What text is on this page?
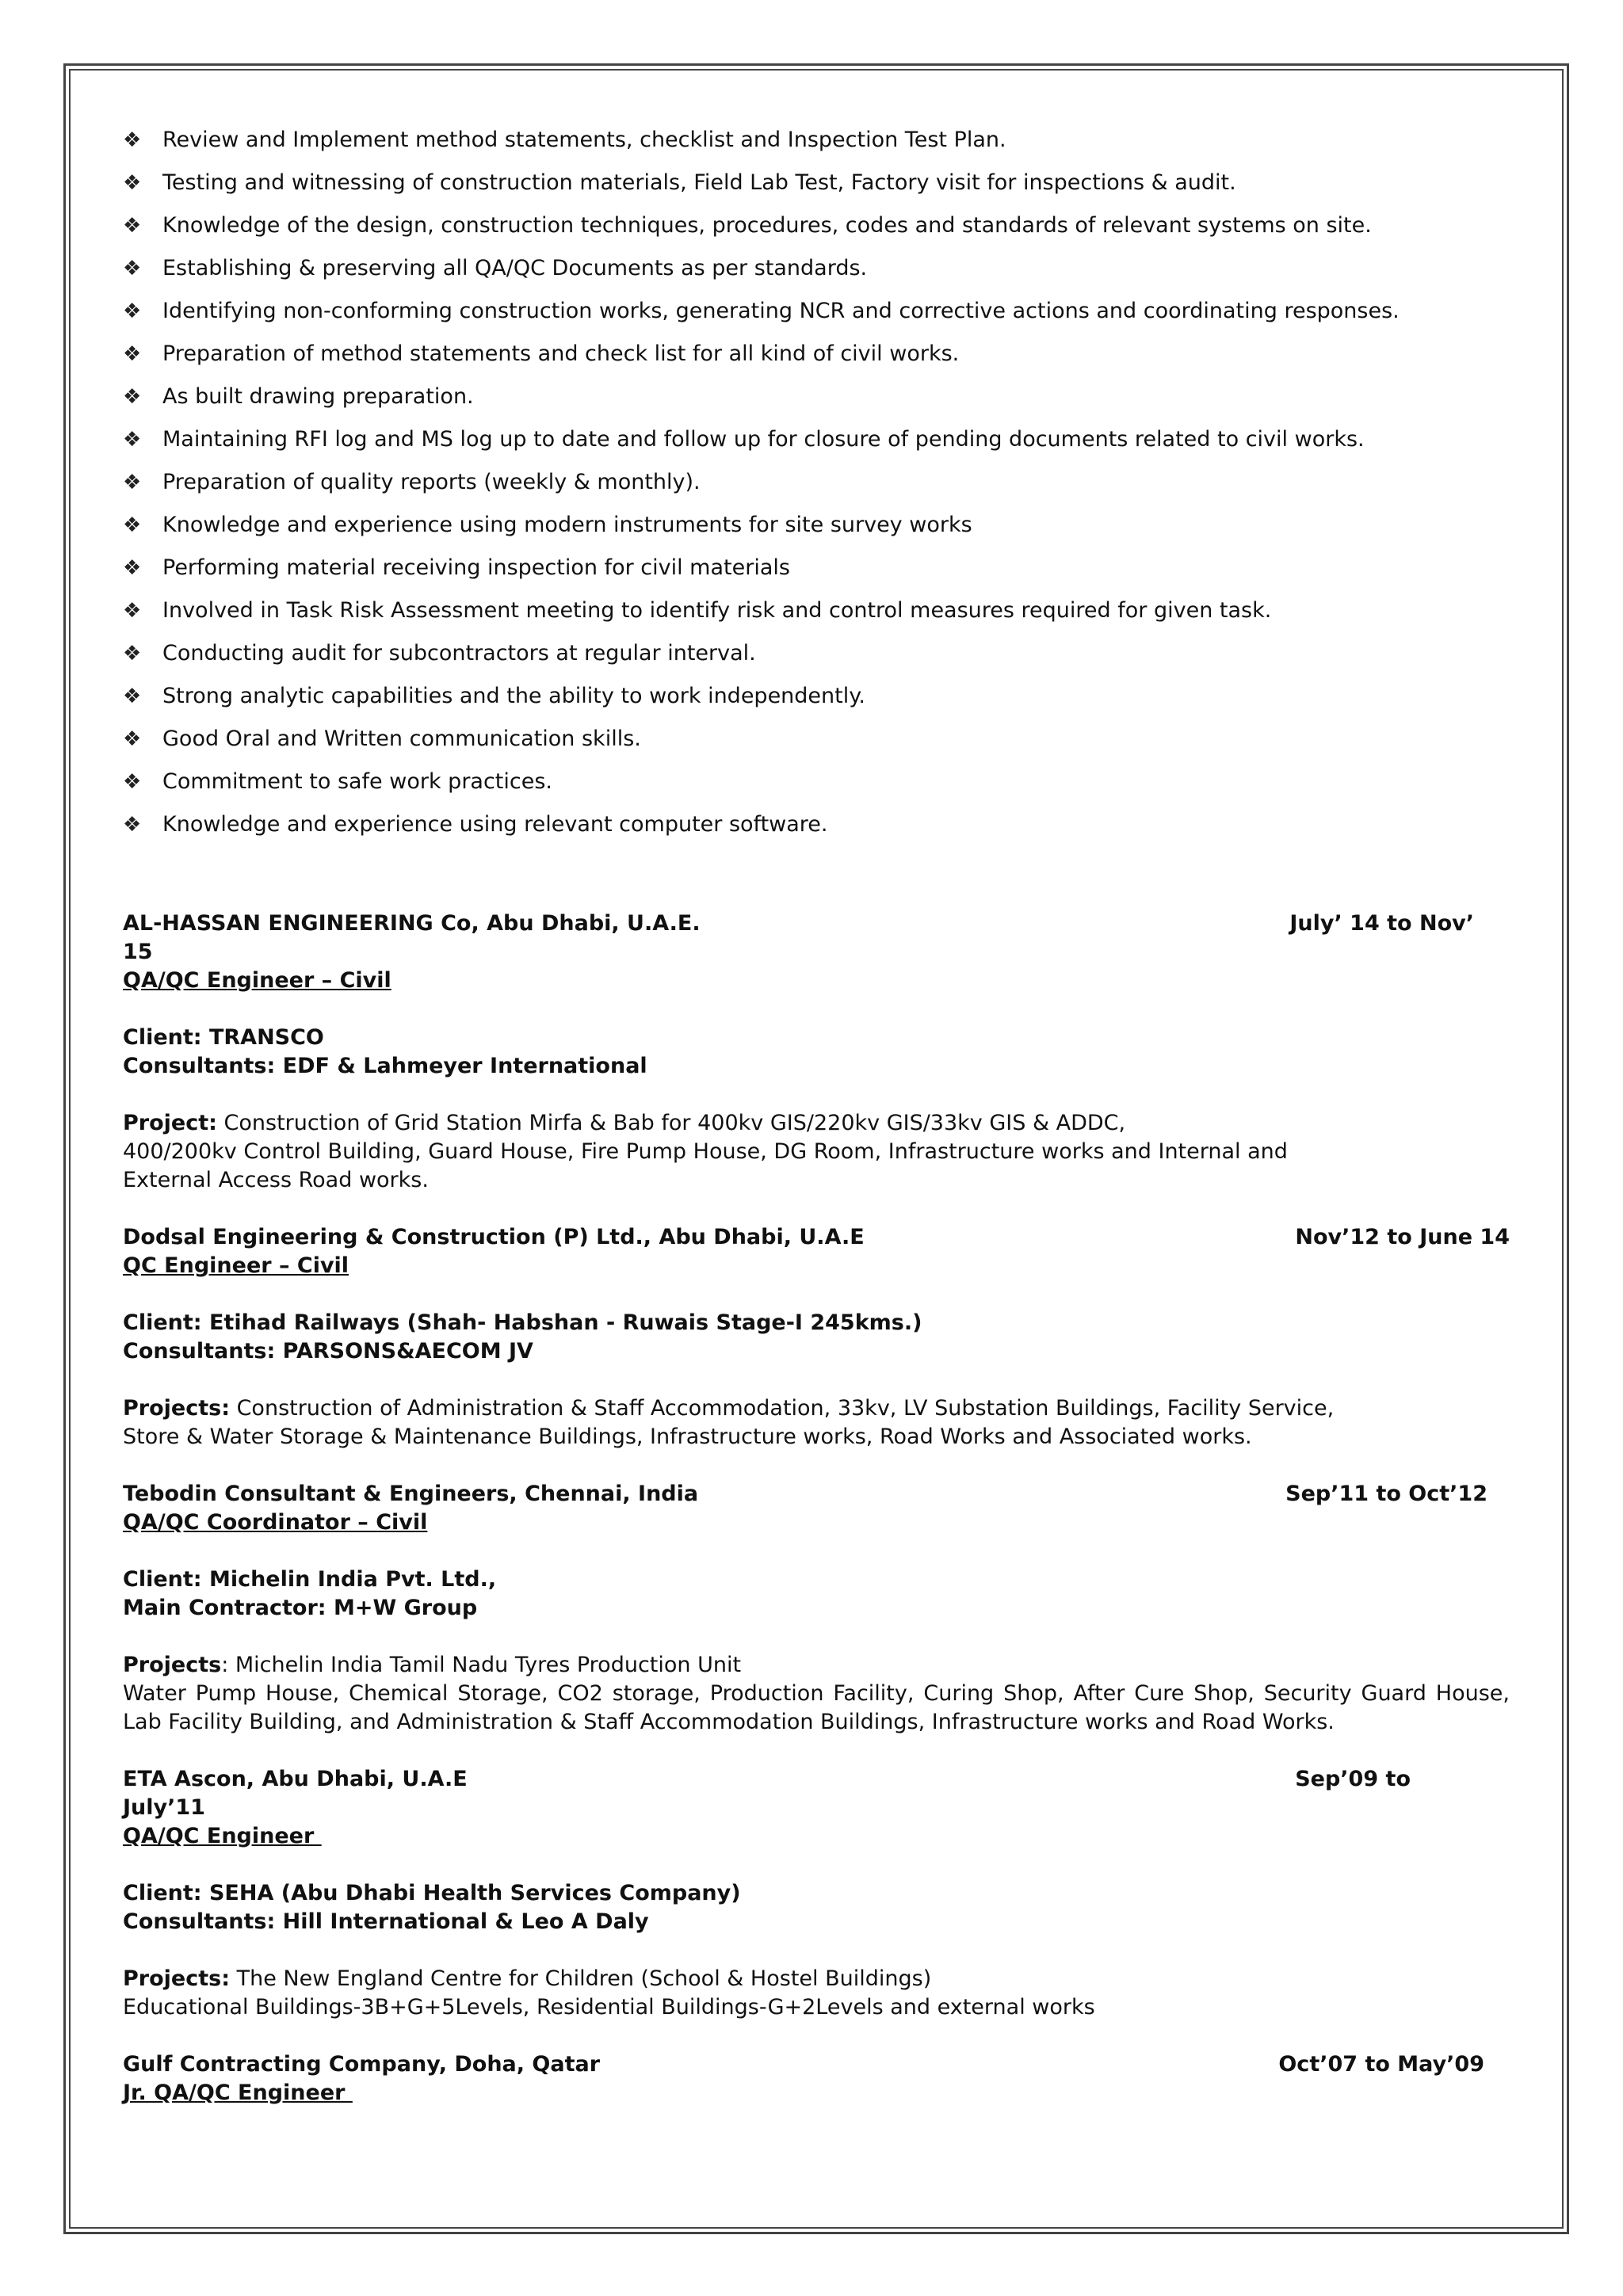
❖ Review and Implement method statements, checklist and Inspection Test Plan.
❖ Testing and witnessing of construction materials, Field Lab Test, Factory visit for inspections & audit.
❖ Knowledge of the design, construction techniques, procedures, codes and standards of relevant systems on site.
❖ Establishing & preserving all QA/QC Documents as per standards.
❖ Identifying non-conforming construction works, generating NCR and corrective actions and coordinating responses.
❖ Preparation of method statements and check list for all kind of civil works.
❖ As built drawing preparation.
❖ Maintaining RFI log and MS log up to date and follow up for closure of pending documents related to civil works.
❖ Preparation of quality reports (weekly & monthly).
❖ Knowledge and experience using modern instruments for site survey works
❖ Performing material receiving inspection for civil materials
❖ Involved in Task Risk Assessment meeting to identify risk and control measures required for given task.
❖ Conducting audit for subcontractors at regular interval.
❖ Strong analytic capabilities and the ability to work independently.
❖ Good Oral and Written communication skills.
❖ Commitment to safe work practices.
❖ Knowledge and experience using relevant computer software.
AL-HASSAN ENGINEERING Co, Abu Dhabi, U.A.E.	July’ 14 to Nov’
15
QA/QC Engineer – Civil
Client: TRANSCO
Consultants: EDF & Lahmeyer International
Project: Construction of Grid Station Mirfa & Bab for 400kv GIS/220kv GIS/33kv GIS & ADDC,
400/200kv Control Building, Guard House, Fire Pump House, DG Room, Infrastructure works and Internal and
External Access Road works.
Dodsal Engineering & Construction (P) Ltd., Abu Dhabi, U.A.E	Nov’12 to June 14
QC Engineer – Civil
Client: Etihad Railways (Shah- Habshan - Ruwais Stage-I 245kms.)
Consultants: PARSONS&AECOM JV
Projects: Construction of Administration & Staff Accommodation, 33kv, LV Substation Buildings, Facility Service,
Store & Water Storage & Maintenance Buildings, Infrastructure works, Road Works and Associated works.
Tebodin Consultant & Engineers, Chennai, India	Sep’11 to Oct’12
QA/QC Coordinator – Civil
Client: Michelin India Pvt. Ltd.,
Main Contractor: M+W Group
Projects: Michelin India Tamil Nadu Tyres Production Unit
Water Pump House, Chemical Storage, CO2 storage, Production Facility, Curing Shop, After Cure Shop, Security Guard House, Lab Facility Building, and Administration & Staff Accommodation Buildings, Infrastructure works and Road Works.
ETA Ascon, Abu Dhabi, U.A.E	Sep’09 to
July’11
QA/QC Engineer
Client: SEHA (Abu Dhabi Health Services Company)
Consultants: Hill International & Leo A Daly
Projects: The New England Centre for Children (School & Hostel Buildings)
Educational Buildings-3B+G+5Levels, Residential Buildings-G+2Levels and external works
Gulf Contracting Company, Doha, Qatar	Oct’07 to May’09
Jr. QA/QC Engineer
